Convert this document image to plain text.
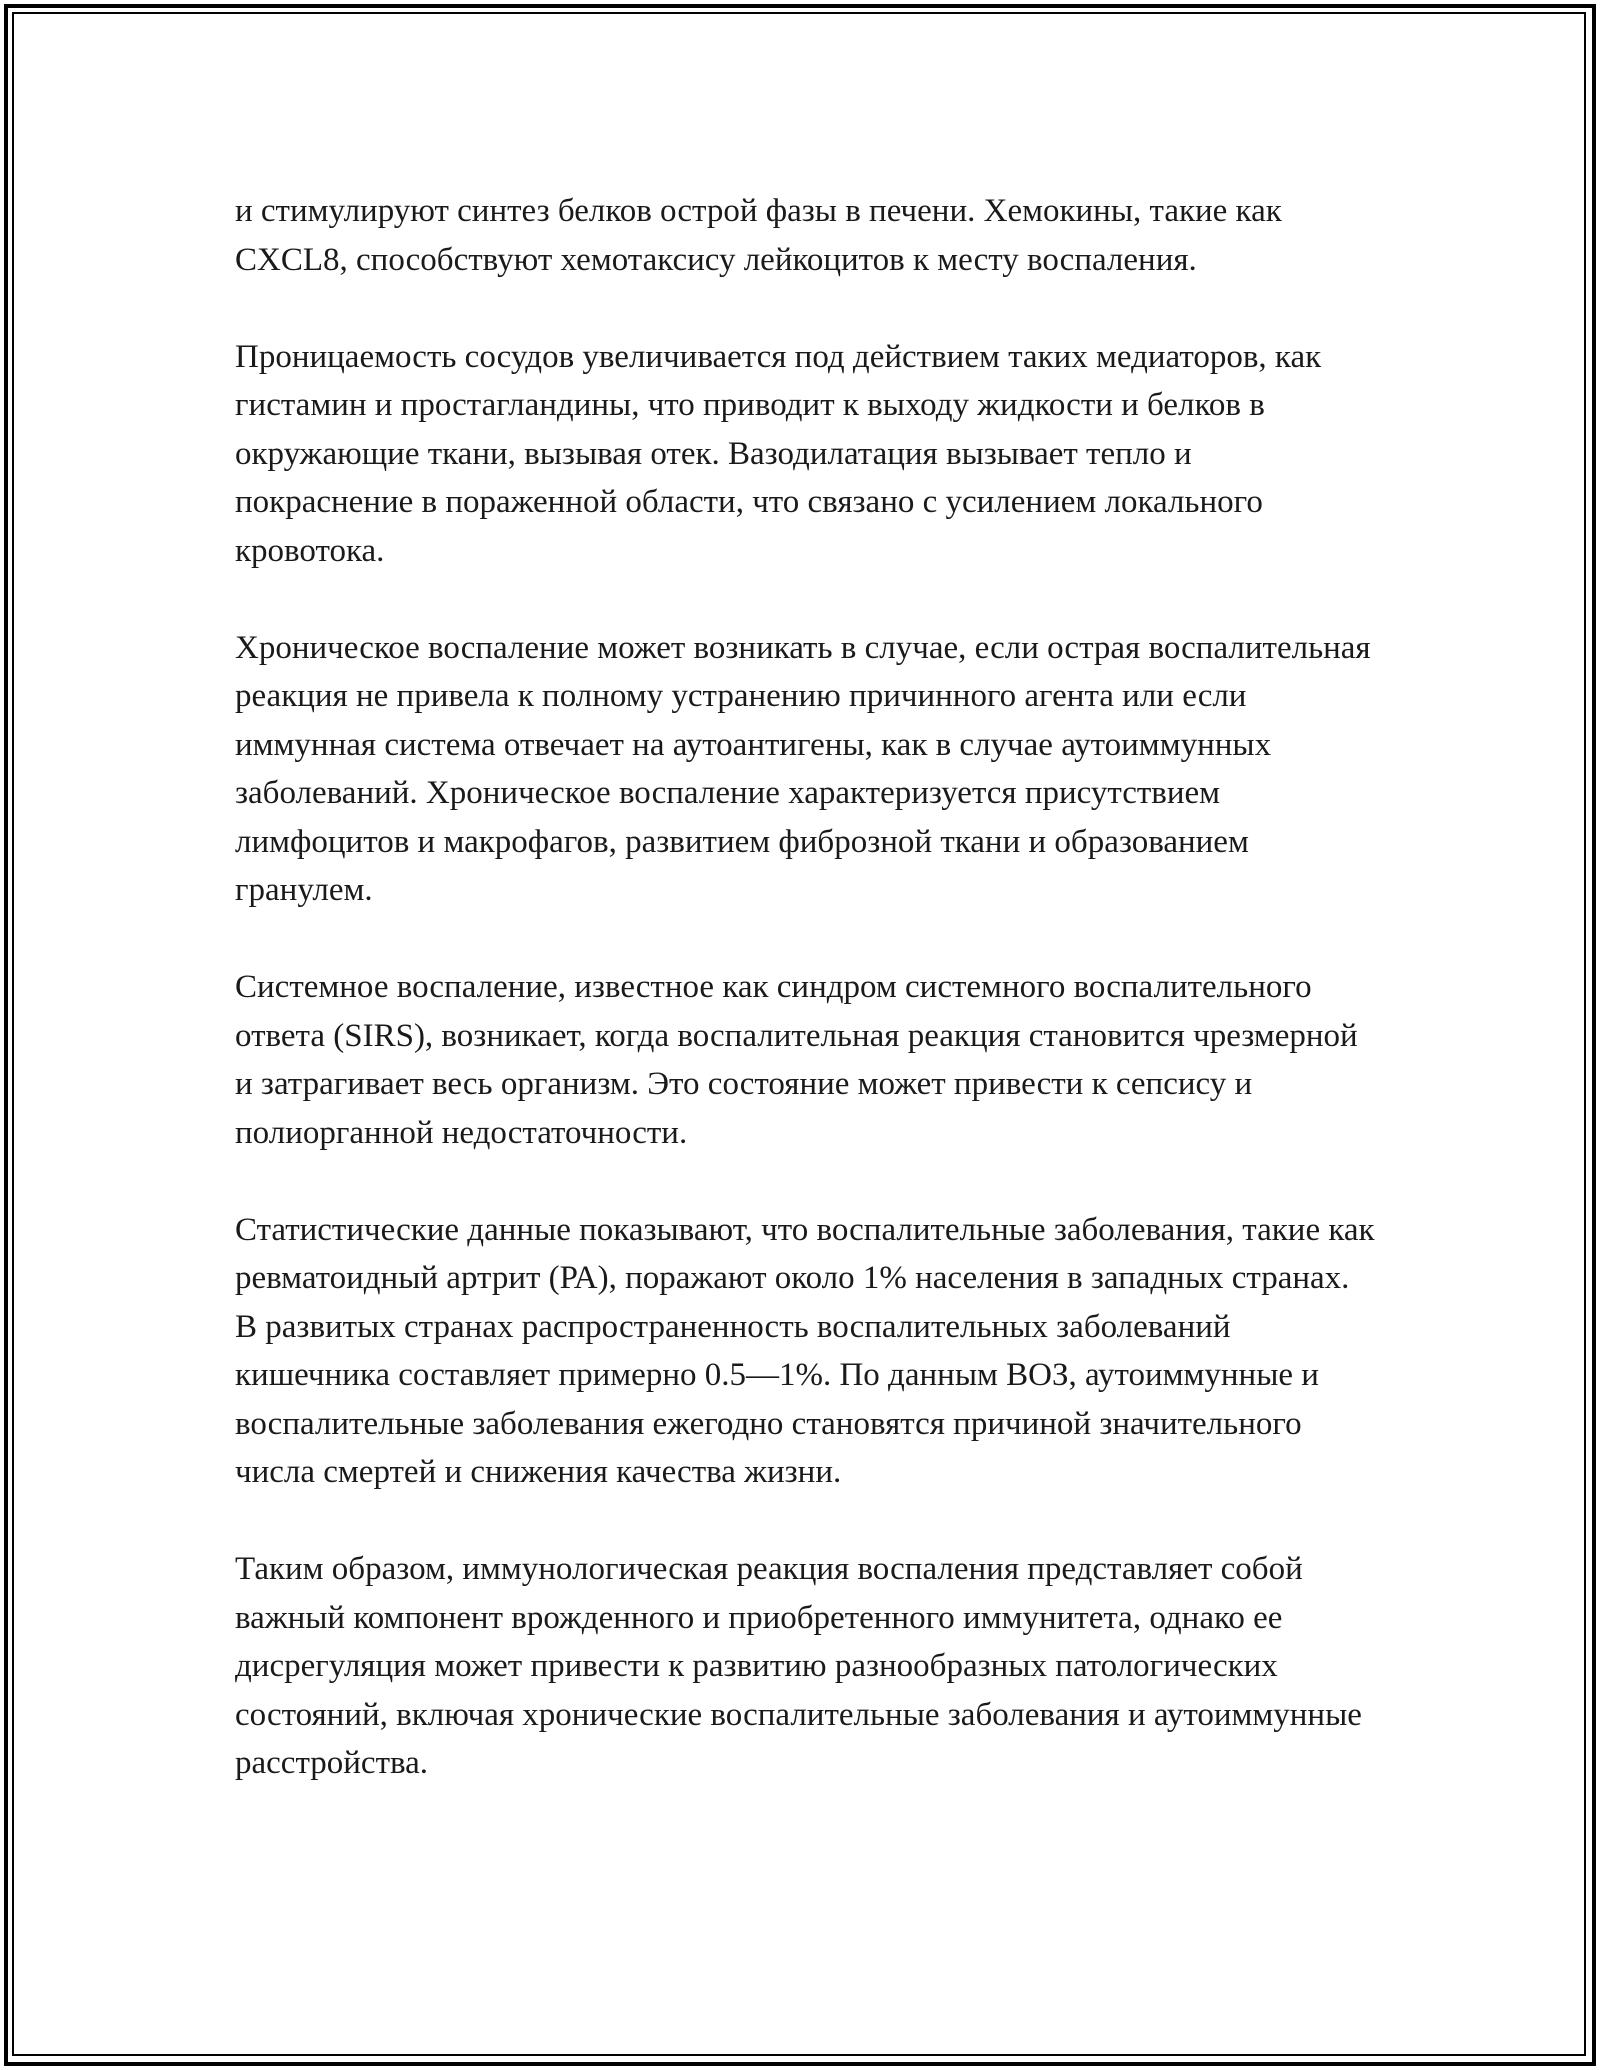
и стимулируют синтез белков острой фазы в печени. Хемокины, такие как CXCL8, способствуют хемотаксису лейкоцитов к месту воспаления.

Проницаемость сосудов увеличивается под действием таких медиаторов, как гистамин и простагландины, что приводит к выходу жидкости и белков в окружающие ткани, вызывая отек. Вазодилатация вызывает тепло и покраснение в пораженной области, что связано с усилением локального кровотока.

Хроническое воспаление может возникать в случае, если острая воспалительная реакция не привела к полному устранению причинного агента или если иммунная система отвечает на аутоантигены, как в случае аутоиммунных заболеваний. Хроническое воспаление характеризуется присутствием лимфоцитов и макрофагов, развитием фиброзной ткани и образованием гранулем.

Системное воспаление, известное как синдром системного воспалительного ответа (SIRS), возникает, когда воспалительная реакция становится чрезмерной и затрагивает весь организм. Это состояние может привести к сепсису и полиорганной недостаточности.

Статистические данные показывают, что воспалительные заболевания, такие как ревматоидный артрит (РА), поражают около 1% населения в западных странах. В развитых странах распространенность воспалительных заболеваний кишечника составляет примерно 0.5—1%. По данным ВОЗ, аутоиммунные и воспалительные заболевания ежегодно становятся причиной значительного числа смертей и снижения качества жизни.

Таким образом, иммунологическая реакция воспаления представляет собой важный компонент врожденного и приобретенного иммунитета, однако ее дисрегуляция может привести к развитию разнообразных патологических состояний, включая хронические воспалительные заболевания и аутоиммунные расстройства.
